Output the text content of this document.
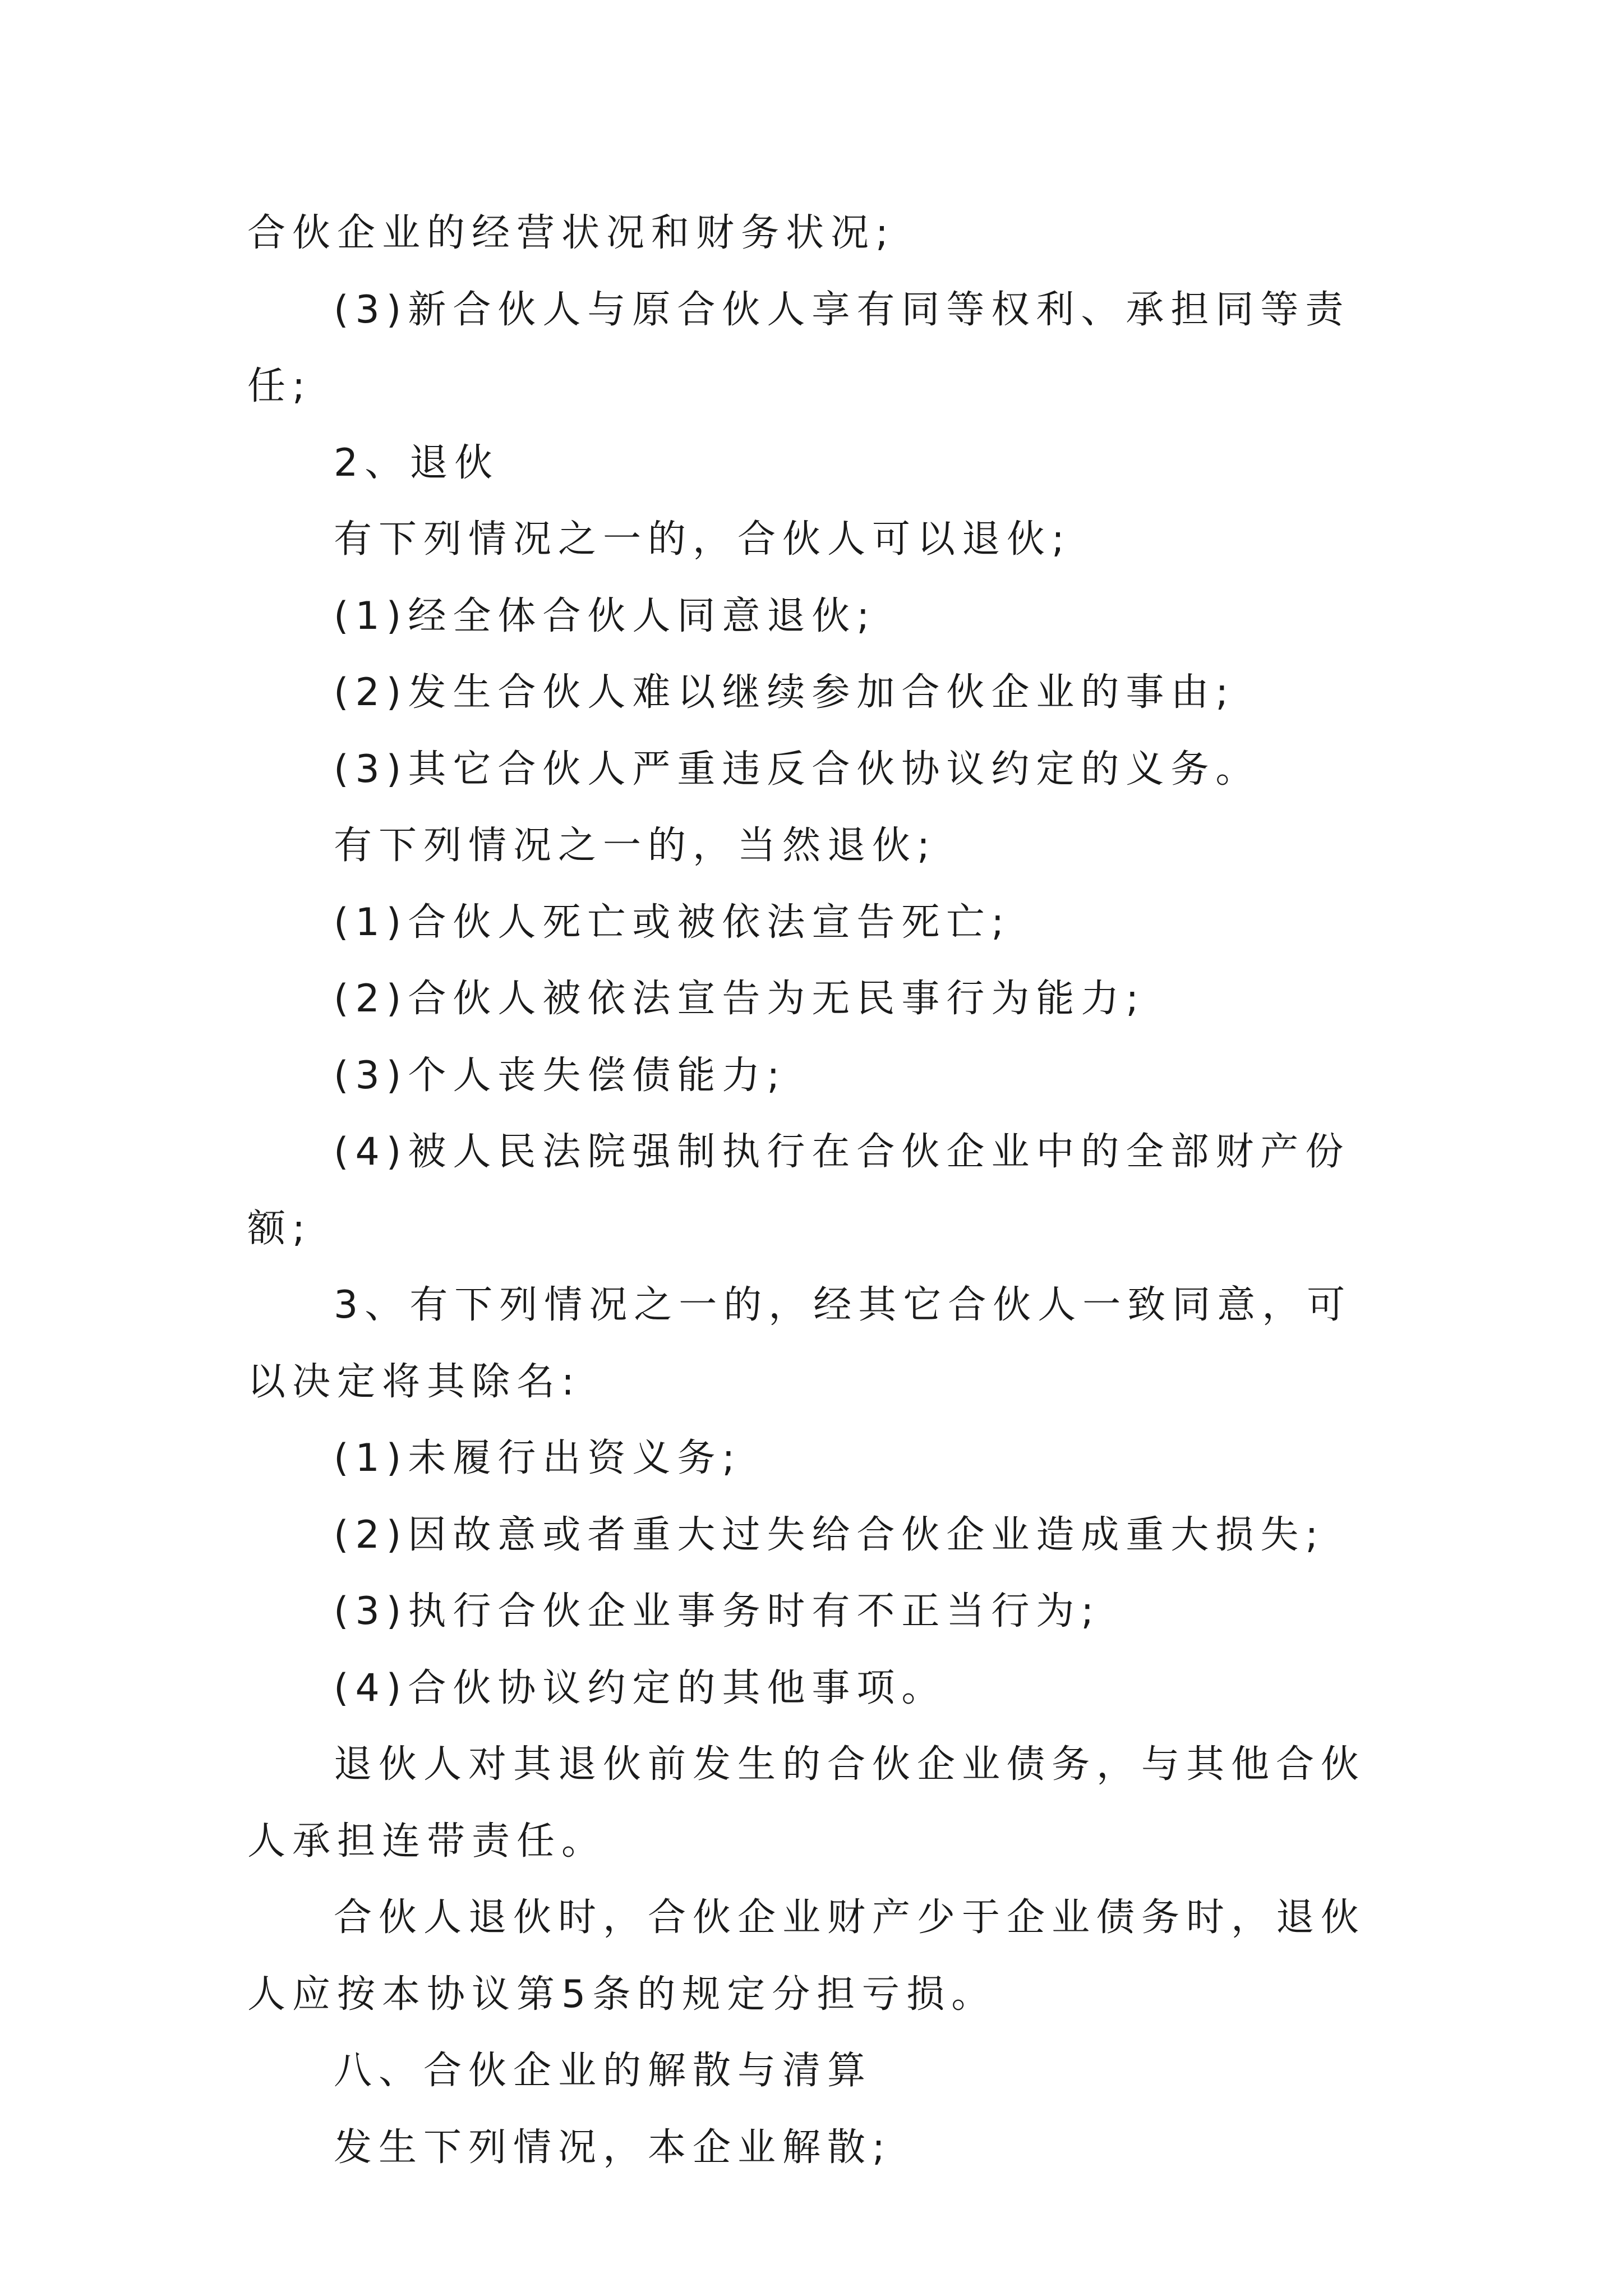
合伙企业的经营状况和财务状况;

(3)新合伙人与原合伙人享有同等权利、承担同等责任;

2、退伙

有下列情况之一的，合伙人可以退伙;

(1)经全体合伙人同意退伙;

(2)发生合伙人难以继续参加合伙企业的事由;

(3)其它合伙人严重违反合伙协议约定的义务。

有下列情况之一的，当然退伙;

(1)合伙人死亡或被依法宣告死亡;

(2)合伙人被依法宣告为无民事行为能力;

(3)个人丧失偿债能力;

(4)被人民法院强制执行在合伙企业中的全部财产份额;

3、有下列情况之一的，经其它合伙人一致同意，可以决定将其除名:

(1)未履行出资义务;

(2)因故意或者重大过失给合伙企业造成重大损失;

(3)执行合伙企业事务时有不正当行为;

(4)合伙协议约定的其他事项。

退伙人对其退伙前发生的合伙企业债务，与其他合伙人承担连带责任。

合伙人退伙时，合伙企业财产少于企业债务时，退伙人应按本协议第5条的规定分担亏损。

八、合伙企业的解散与清算

发生下列情况，本企业解散;
